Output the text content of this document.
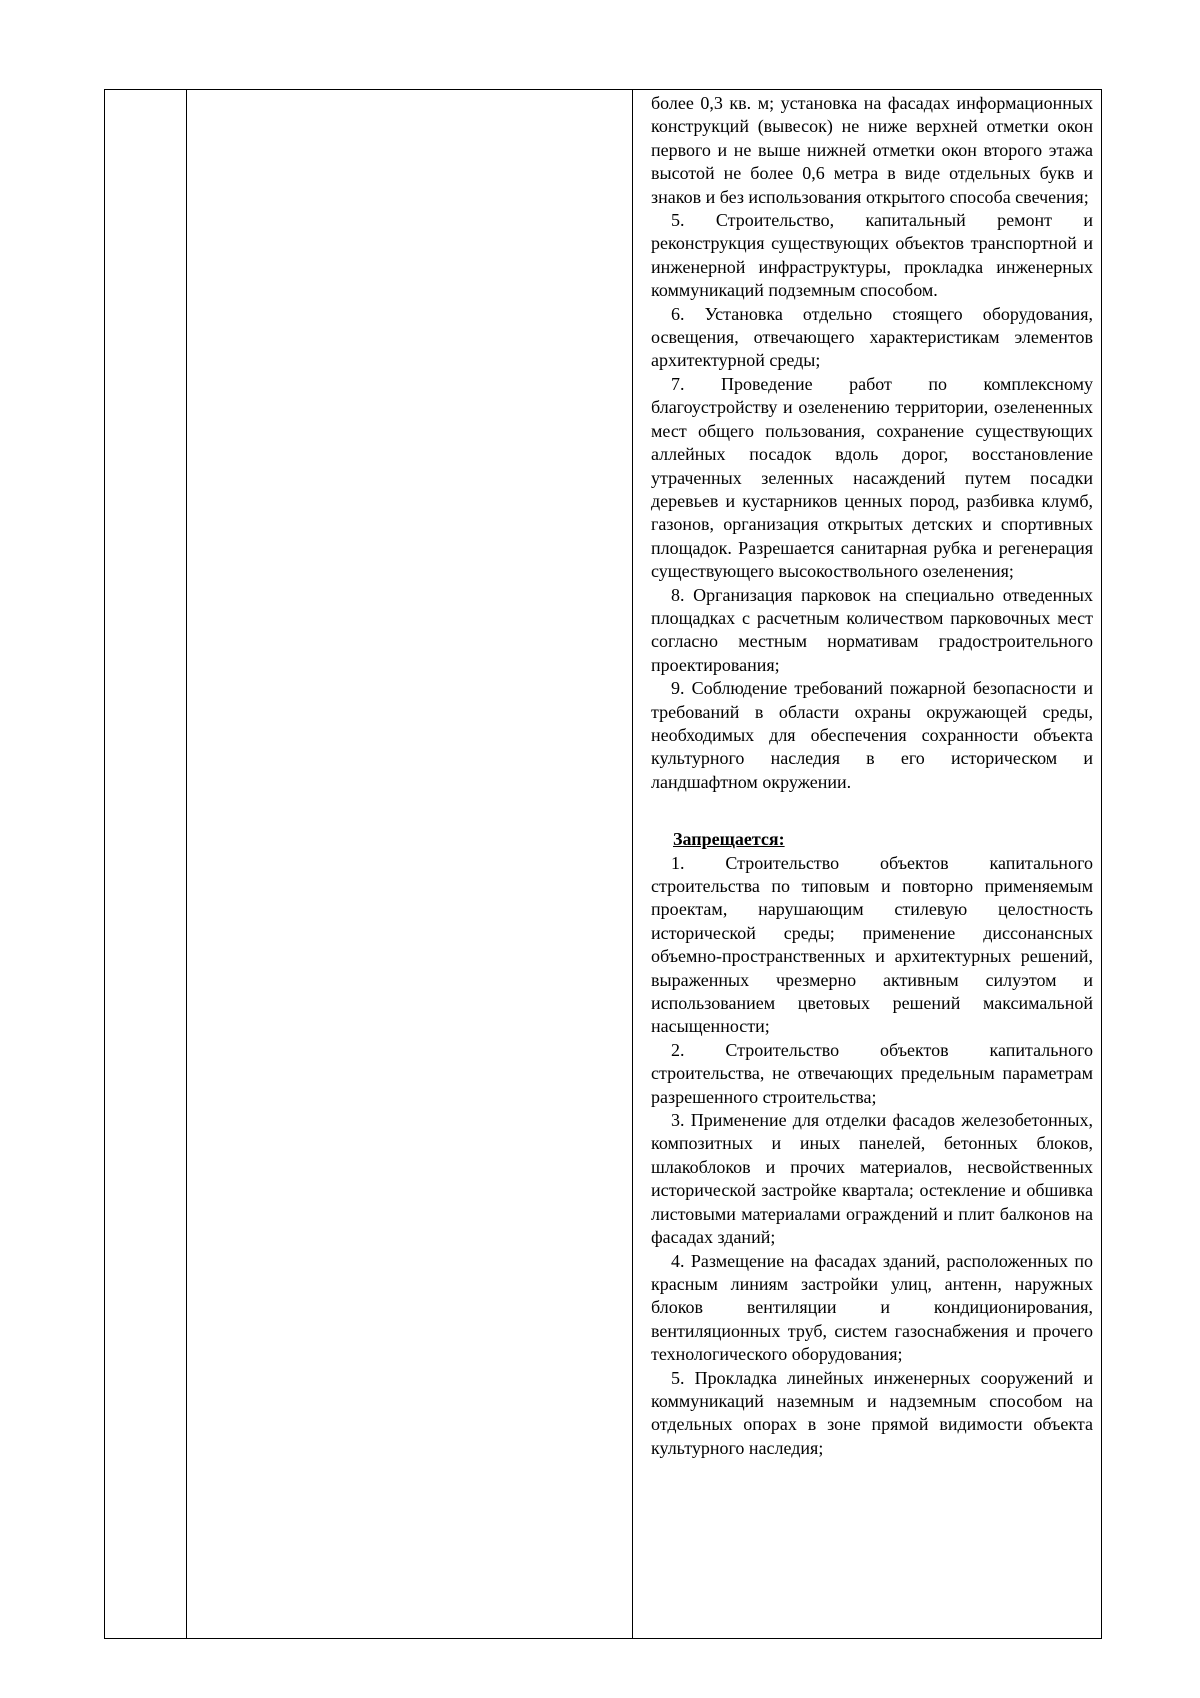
более 0,3 кв. м; установка на фасадах информационных конструкций (вывесок) не ниже верхней отметки окон первого и не выше нижней отметки окон второго этажа высотой не более 0,6 метра в виде отдельных букв и знаков и без использования открытого способа свечения;

5. Строительство, капитальный ремонт и реконструкция существующих объектов транспортной и инженерной инфраструктуры, прокладка инженерных коммуникаций подземным способом.

6. Установка отдельно стоящего оборудования, освещения, отвечающего характеристикам элементов архитектурной среды;

7. Проведение работ по комплексному благоустройству и озеленению территории, озелененных мест общего пользования, сохранение существующих аллейных посадок вдоль дорог, восстановление утраченных зеленных насаждений путем посадки деревьев и кустарников ценных пород, разбивка клумб, газонов, организация открытых детских и спортивных площадок. Разрешается санитарная рубка и регенерация существующего высокоствольного озеленения;

8. Организация парковок на специально отведенных площадках с расчетным количеством парковочных мест согласно местным нормативам градостроительного проектирования;

9. Соблюдение требований пожарной безопасности и требований в области охраны окружающей среды, необходимых для обеспечения сохранности объекта культурного наследия в его историческом и ландшафтном окружении.

Запрещается:

1. Строительство объектов капитального строительства по типовым и повторно применяемым проектам, нарушающим стилевую целостность исторической среды; применение диссонансных объемно-пространственных и архитектурных решений, выраженных чрезмерно активным силуэтом и использованием цветовых решений максимальной насыщенности;

2. Строительство объектов капитального строительства, не отвечающих предельным параметрам разрешенного строительства;

3. Применение для отделки фасадов железобетонных, композитных и иных панелей, бетонных блоков, шлакоблоков и прочих материалов, несвойственных исторической застройке квартала; остекление и обшивка листовыми материалами ограждений и плит балконов на фасадах зданий;

4. Размещение на фасадах зданий, расположенных по красным линиям застройки улиц, антенн, наружных блоков вентиляции и кондиционирования, вентиляционных труб, систем газоснабжения и прочего технологического оборудования;

5. Прокладка линейных инженерных сооружений и коммуникаций наземным и надземным способом на отдельных опорах в зоне прямой видимости объекта культурного наследия;
